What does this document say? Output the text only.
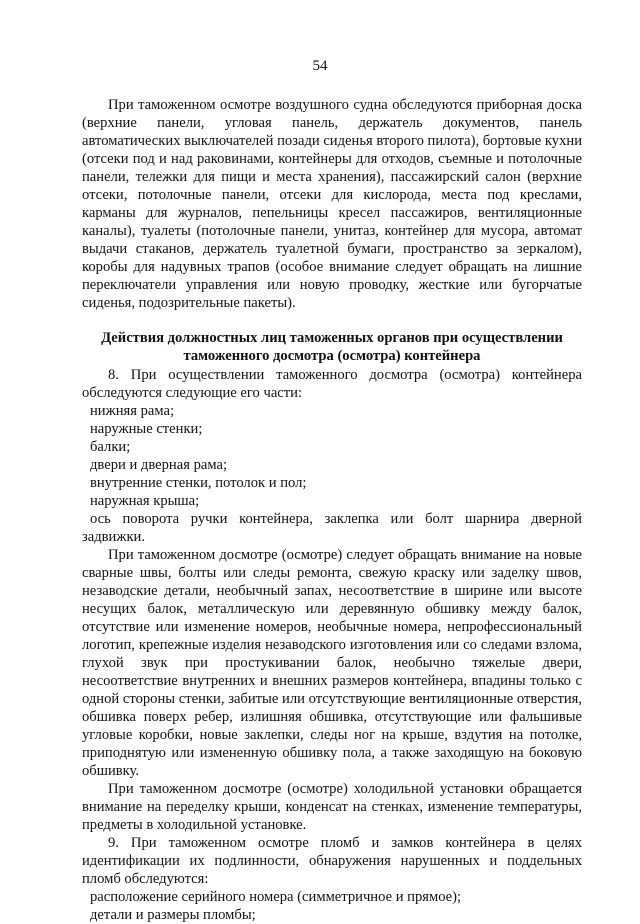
54

При таможенном осмотре воздушного судна обследуются приборная доска (верхние панели, угловая панель, держатель документов, панель автоматических выключателей позади сиденья второго пилота), бортовые кухни (отсеки под и над раковинами, контейнеры для отходов, съемные и потолочные панели, тележки для пищи и места хранения), пассажирский салон (верхние отсеки, потолочные панели, отсеки для кислорода, места под креслами, карманы для журналов, пепельницы кресел пассажиров, вентиляционные каналы), туалеты (потолочные панели, унитаз, контейнер для мусора, автомат выдачи стаканов, держатель туалетной бумаги, пространство за зеркалом), коробы для надувных трапов (особое внимание следует обращать на лишние переключатели управления или новую проводку, жесткие или бугорчатые сиденья, подозрительные пакеты).

Действия должностных лиц таможенных органов при осуществлении
таможенного досмотра (осмотра) контейнера

8. При осуществлении таможенного досмотра (осмотра) контейнера обследуются следующие его части:

нижняя рама;

наружные стенки;

балки;

двери и дверная рама;

внутренние стенки, потолок и пол;

наружная крыша;

ось поворота ручки контейнера, заклепка или болт шарнира дверной задвижки.

При таможенном досмотре (осмотре) следует обращать внимание на новые сварные швы, болты или следы ремонта, свежую краску или заделку швов, незаводские детали, необычный запах, несоответствие в ширине или высоте несущих балок, металлическую или деревянную обшивку между балок, отсутствие или изменение номеров, необычные номера, непрофессиональный логотип, крепежные изделия незаводского изготовления или со следами взлома, глухой звук при простукивании балок, необычно тяжелые двери, несоответствие внутренних и внешних размеров контейнера, впадины только с одной стороны стенки, забитые или отсутствующие вентиляционные отверстия, обшивка поверх ребер, излишняя обшивка, отсутствующие или фальшивые угловые коробки, новые заклепки, следы ног на крыше, вздутия на потолке, приподнятую или измененную обшивку пола, а также заходящую на боковую обшивку.

При таможенном досмотре (осмотре) холодильной установки обращается внимание на переделку крыши, конденсат на стенках, изменение температуры, предметы в холодильной установке.

9. При таможенном осмотре пломб и замков контейнера в целях идентификации их подлинности, обнаружения нарушенных и поддельных пломб обследуются:

расположение серийного номера (симметричное и прямое);

детали и размеры пломбы;
